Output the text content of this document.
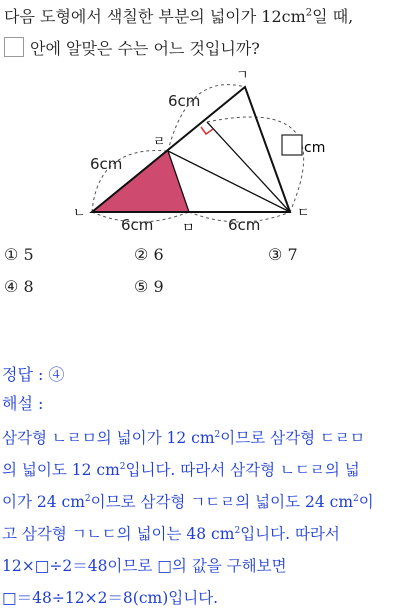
다음 도형에서 색칠한 부분의 넓이가 $12cm^2$일 때,
안에 알맞은 수는 어느 것입니까?
ㄱ
ㄴ	ㄷ
ㄹ
ㅁ
6cm
6cm
6cm	6cm
cm
① 5	② 6	③ 7
④ 8	⑤ 9
정답 : ④
해설 :
삼각형 ㄴㄹㅁ의 넓이가 12 $cm^2$이므로 삼각형 ㄷㄹㅁ
의 넓이도 12 $cm^2$입니다. 따라서 삼각형 ㄴㄷㄹ의 넓
이가 24 $cm^2$이므로 삼각형 ㄱㄷㄹ의 넓이도 24 $cm^2$이
고 삼각형 ㄱㄴㄷ의 넓이는 48 $cm^2$입니다. 따라서
12×□÷2＝48이므로 □의 값을 구해보면
□＝48÷12×2＝8(cm)입니다.
